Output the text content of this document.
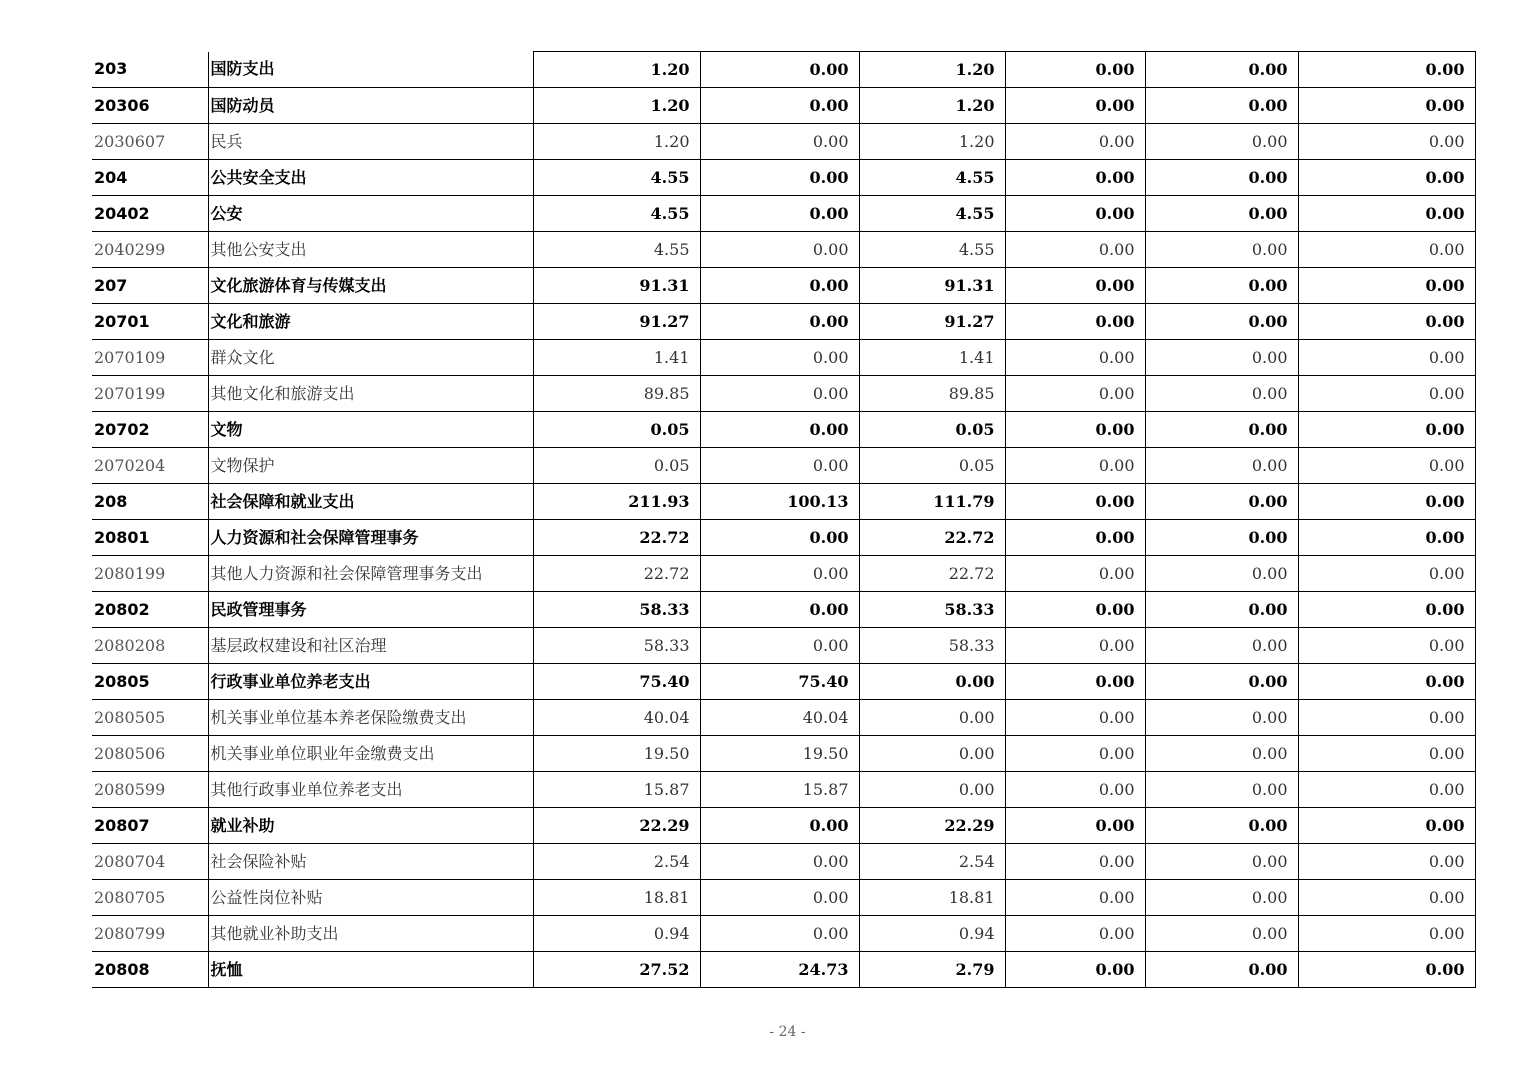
203	国防支出	1.20	0.00	1.20	0.00	0.00	0.00
20306	国防动员	1.20	0.00	1.20	0.00	0.00	0.00
2030607	民兵	1.20	0.00	1.20	0.00	0.00	0.00
204	公共安全支出	4.55	0.00	4.55	0.00	0.00	0.00
20402	公安	4.55	0.00	4.55	0.00	0.00	0.00
2040299	其他公安支出	4.55	0.00	4.55	0.00	0.00	0.00
207	文化旅游体育与传媒支出	91.31	0.00	91.31	0.00	0.00	0.00
20701	文化和旅游	91.27	0.00	91.27	0.00	0.00	0.00
2070109	群众文化	1.41	0.00	1.41	0.00	0.00	0.00
2070199	其他文化和旅游支出	89.85	0.00	89.85	0.00	0.00	0.00
20702	文物	0.05	0.00	0.05	0.00	0.00	0.00
2070204	文物保护	0.05	0.00	0.05	0.00	0.00	0.00
208	社会保障和就业支出	211.93	100.13	111.79	0.00	0.00	0.00
20801	人力资源和社会保障管理事务	22.72	0.00	22.72	0.00	0.00	0.00
2080199	其他人力资源和社会保障管理事务支出	22.72	0.00	22.72	0.00	0.00	0.00
20802	民政管理事务	58.33	0.00	58.33	0.00	0.00	0.00
2080208	基层政权建设和社区治理	58.33	0.00	58.33	0.00	0.00	0.00
20805	行政事业单位养老支出	75.40	75.40	0.00	0.00	0.00	0.00
2080505	机关事业单位基本养老保险缴费支出	40.04	40.04	0.00	0.00	0.00	0.00
2080506	机关事业单位职业年金缴费支出	19.50	19.50	0.00	0.00	0.00	0.00
2080599	其他行政事业单位养老支出	15.87	15.87	0.00	0.00	0.00	0.00
20807	就业补助	22.29	0.00	22.29	0.00	0.00	0.00
2080704	社会保险补贴	2.54	0.00	2.54	0.00	0.00	0.00
2080705	公益性岗位补贴	18.81	0.00	18.81	0.00	0.00	0.00
2080799	其他就业补助支出	0.94	0.00	0.94	0.00	0.00	0.00
20808	抚恤	27.52	24.73	2.79	0.00	0.00	0.00
- 24 -
